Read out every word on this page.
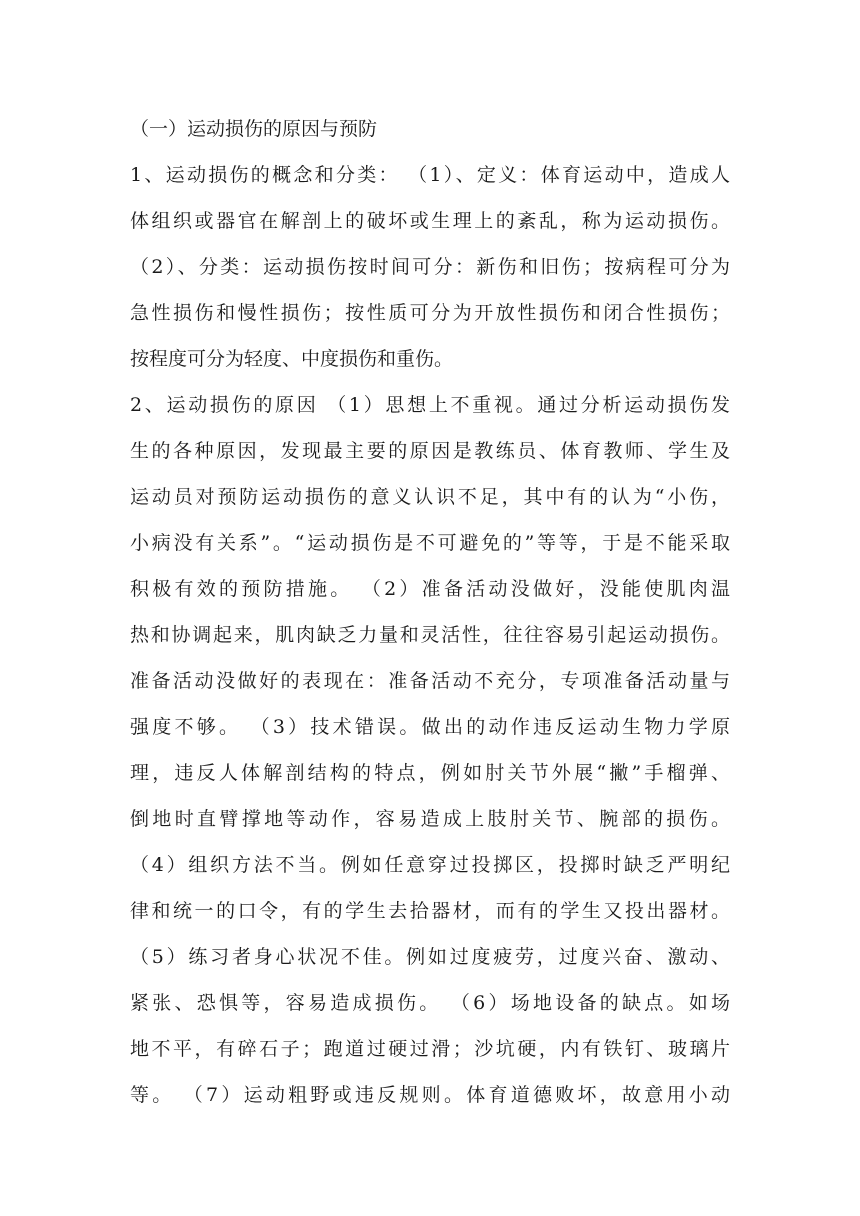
（一）运动损伤的原因与预防
1、运动损伤的概念和分类： （1）、定义：体育运动中，造成人
体组织或器官在解剖上的破坏或生理上的紊乱，称为运动损伤。
（2）、分类：运动损伤按时间可分：新伤和旧伤；按病程可分为
急性损伤和慢性损伤；按性质可分为开放性损伤和闭合性损伤；
按程度可分为轻度、中度损伤和重伤。
2、运动损伤的原因 （1）思想上不重视。通过分析运动损伤发
生的各种原因，发现最主要的原因是教练员、体育教师、学生及
运动员对预防运动损伤的意义认识不足，其中有的认为“小伤，
小病没有关系”。“运动损伤是不可避免的”等等，于是不能采取
积极有效的预防措施。 （2）准备活动没做好，没能使肌肉温
热和协调起来，肌肉缺乏力量和灵活性，往往容易引起运动损伤。
准备活动没做好的表现在：准备活动不充分，专项准备活动量与
强度不够。 （3）技术错误。做出的动作违反运动生物力学原
理，违反人体解剖结构的特点，例如肘关节外展“撇”手榴弹、
倒地时直臂撑地等动作，容易造成上肢肘关节、腕部的损伤。
（4）组织方法不当。例如任意穿过投掷区，投掷时缺乏严明纪
律和统一的口令，有的学生去拾器材，而有的学生又投出器材。
（5）练习者身心状况不佳。例如过度疲劳，过度兴奋、激动、
紧张、恐惧等，容易造成损伤。 （6）场地设备的缺点。如场
地不平，有碎石子；跑道过硬过滑；沙坑硬，内有铁钉、玻璃片
等。 （7）运动粗野或违反规则。体育道德败坏，故意用小动
